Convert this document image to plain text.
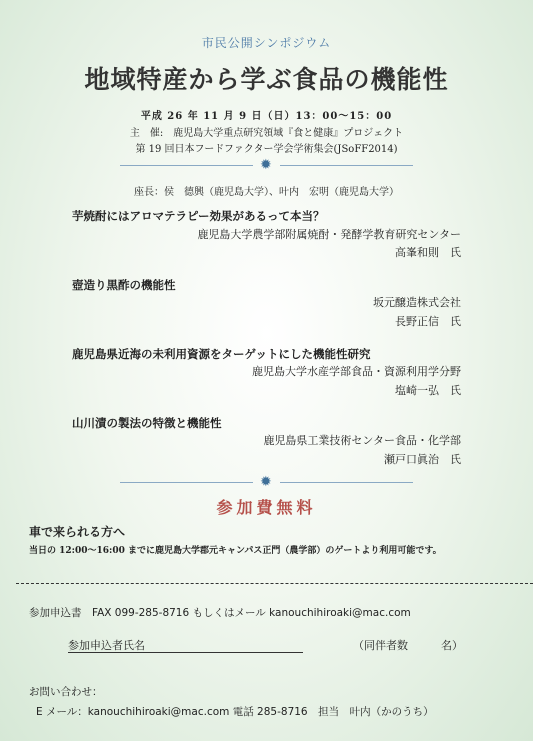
市民公開シンポジウム
地域特産から学ぶ食品の機能性
平成 26 年 11 月 9 日（日）13：00〜15：00
主　催:　鹿児島大学重点研究領域『食と健康』プロジェクト
第 19 回日本フードファクター学会学術集会(JSoFF2014)
✹
座長：侯　德興（鹿児島大学）、叶内　宏明（鹿児島大学）
芋焼酎にはアロマテラピー効果があるって本当？
鹿児島大学農学部附属焼酎・発酵学教育研究センター
高峯和則　氏
壺造り黒酢の機能性
坂元醸造株式会社
長野正信　氏
鹿児島県近海の未利用資源をターゲットにした機能性研究
鹿児島大学水産学部食品・資源利用学分野
塩崎一弘　氏
山川漬の製法の特徴と機能性
鹿児島県工業技術センター食品・化学部
瀬戸口眞治　氏
✹
参加費無料
車で来られる方へ
当日の 12:00〜16:00 までに鹿児島大学郡元キャンパス正門（農学部）のゲートより利用可能です。
参加申込書　FAX 099-285-8716 もしくはメール kanouchihiroaki@mac.com
参加申込者氏名	（同伴者数　　　名）
お問い合わせ：
E メール：kanouchihiroaki@mac.com 電話 285-8716　担当　叶内（かのうち）
